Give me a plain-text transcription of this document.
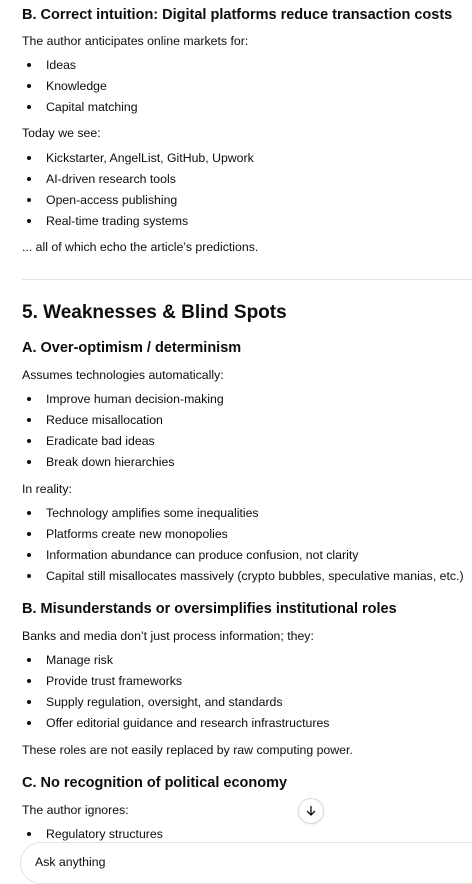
B. Correct intuition: Digital platforms reduce transaction costs

The author anticipates online markets for:

Ideas
Knowledge
Capital matching

Today we see:

Kickstarter, AngelList, GitHub, Upwork
AI-driven research tools
Open-access publishing
Real-time trading systems

... all of which echo the article’s predictions.

5. Weaknesses & Blind Spots
A. Over-optimism / determinism

Assumes technologies automatically:

Improve human decision-making
Reduce misallocation
Eradicate bad ideas
Break down hierarchies

In reality:

Technology amplifies some inequalities
Platforms create new monopolies
Information abundance can produce confusion, not clarity
Capital still misallocates massively (crypto bubbles, speculative manias, etc.)
B. Misunderstands or oversimplifies institutional roles

Banks and media don’t just process information; they:

Manage risk
Provide trust frameworks
Supply regulation, oversight, and standards
Offer editorial guidance and research infrastructures

These roles are not easily replaced by raw computing power.

C. No recognition of political economy

The author ignores:

Regulatory structures
Ask anything
